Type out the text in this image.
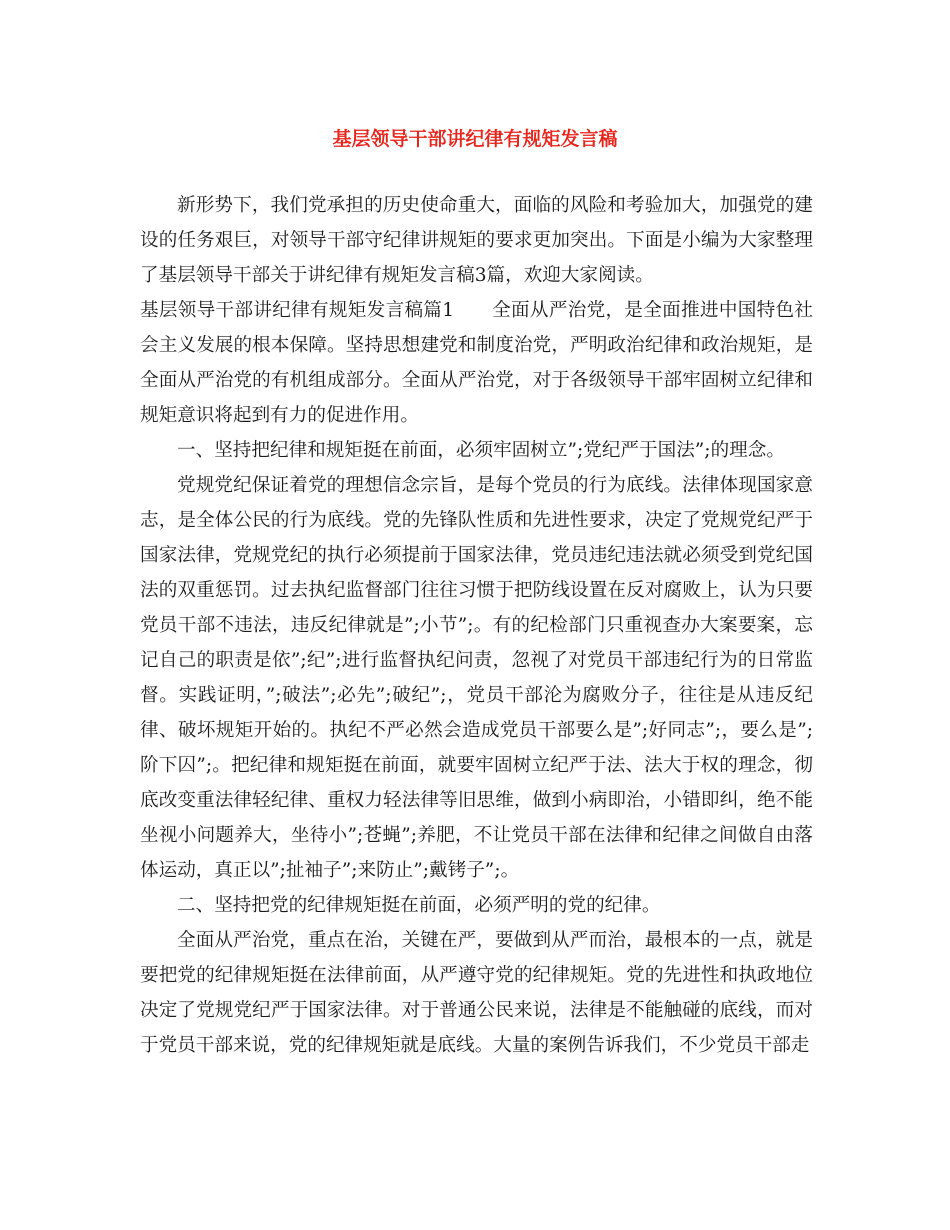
基层领导干部讲纪律有规矩发言稿

新形势下，我们党承担的历史使命重大，面临的风险和考验加大，加强党的建设的任务艰巨，对领导干部守纪律讲规矩的要求更加突出。下面是小编为大家整理了基层领导干部关于讲纪律有规矩发言稿3篇，欢迎大家阅读。

基层领导干部讲纪律有规矩发言稿篇1　　全面从严治党，是全面推进中国特色社会主义发展的根本保障。坚持思想建党和制度治党，严明政治纪律和政治规矩，是全面从严治党的有机组成部分。全面从严治党，对于各级领导干部牢固树立纪律和规矩意识将起到有力的促进作用。

一、坚持把纪律和规矩挺在前面，必须牢固树立”;党纪严于国法”;的理念。

党规党纪保证着党的理想信念宗旨，是每个党员的行为底线。法律体现国家意志，是全体公民的行为底线。党的先锋队性质和先进性要求，决定了党规党纪严于国家法律，党规党纪的执行必须提前于国家法律，党员违纪违法就必须受到党纪国法的双重惩罚。过去执纪监督部门往往习惯于把防线设置在反对腐败上，认为只要党员干部不违法，违反纪律就是”;小节”;。有的纪检部门只重视查办大案要案，忘记自己的职责是依”;纪”;进行监督执纪问责，忽视了对党员干部违纪行为的日常监督。实践证明，”;破法”;必先”;破纪”;，党员干部沦为腐败分子，往往是从违反纪律、破坏规矩开始的。执纪不严必然会造成党员干部要么是”;好同志”;，要么是”;阶下囚”;。把纪律和规矩挺在前面，就要牢固树立纪严于法、法大于权的理念，彻底改变重法律轻纪律、重权力轻法律等旧思维，做到小病即治，小错即纠，绝不能坐视小问题养大，坐待小”;苍蝇”;养肥，不让党员干部在法律和纪律之间做自由落体运动，真正以”;扯袖子”;来防止”;戴铐子”;。

二、坚持把党的纪律规矩挺在前面，必须严明的党的纪律。

全面从严治党，重点在治，关键在严，要做到从严而治，最根本的一点，就是要把党的纪律规矩挺在法律前面，从严遵守党的纪律规矩。党的先进性和执政地位决定了党规党纪严于国家法律。对于普通公民来说，法律是不能触碰的底线，而对于党员干部来说，党的纪律规矩就是底线。大量的案例告诉我们，不少党员干部走
